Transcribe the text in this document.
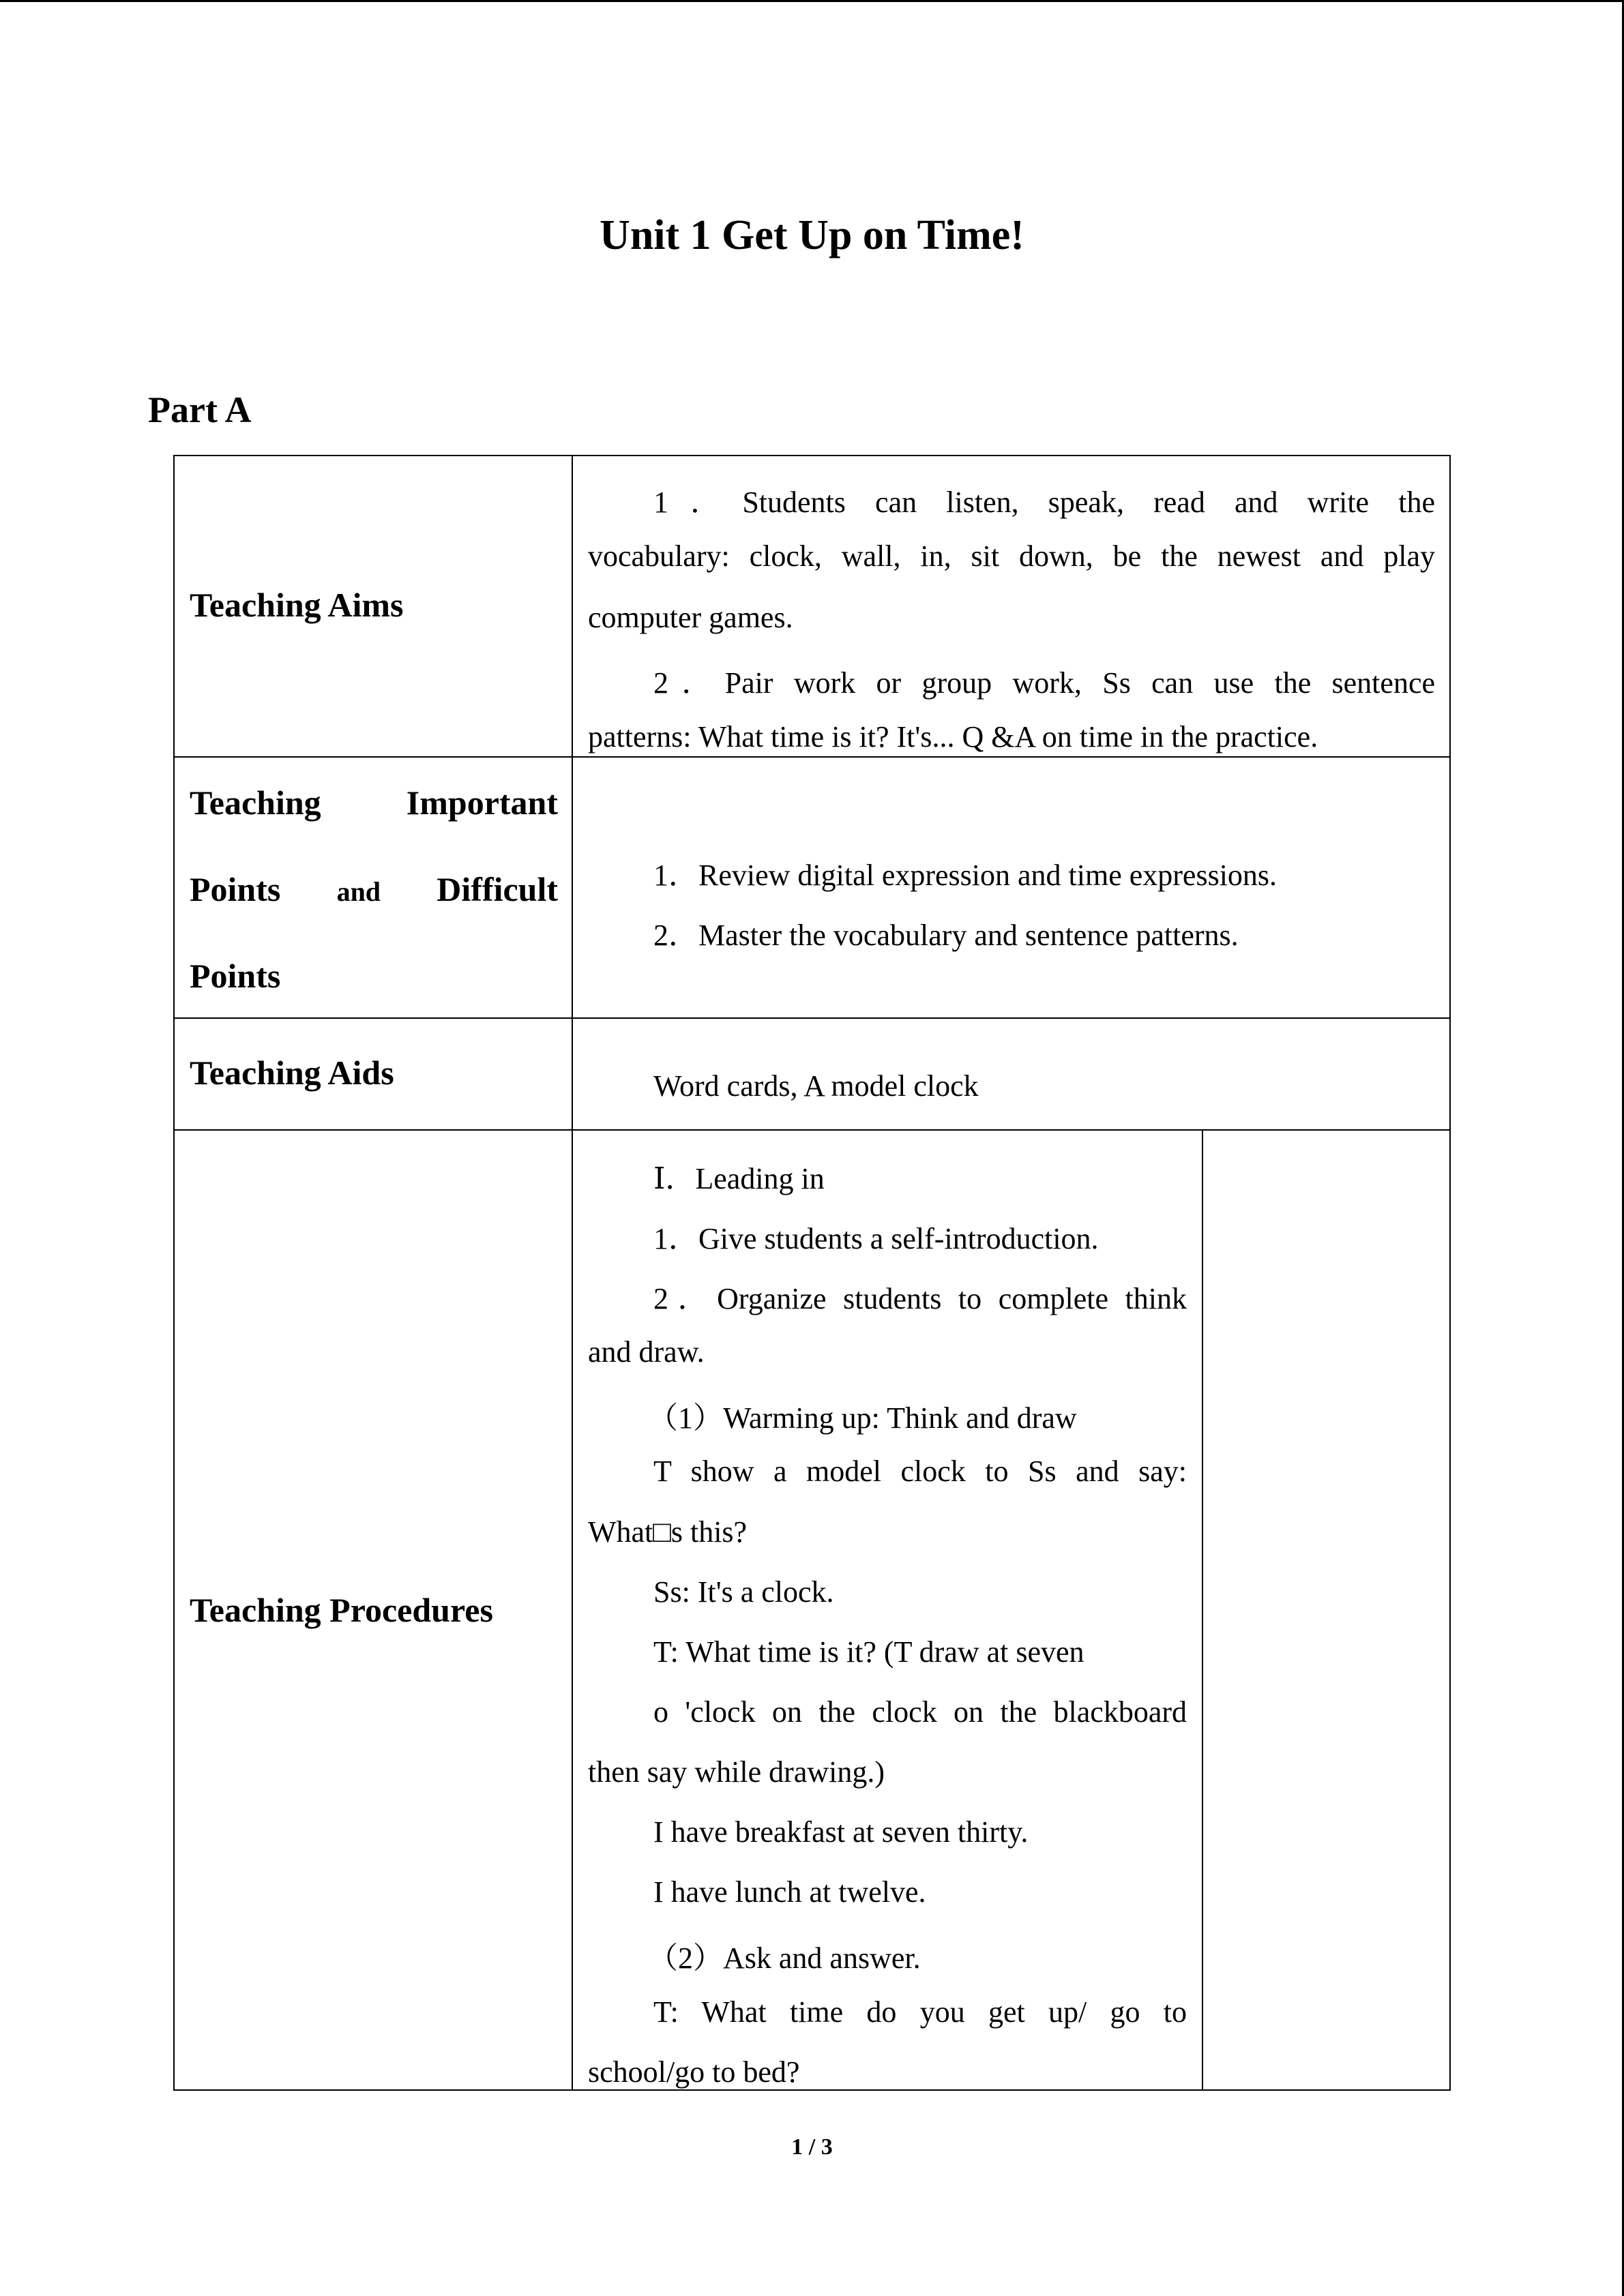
Unit 1 Get Up on Time!
Part A
Teaching Aims
1．Students can listen, speak, read and write the
vocabulary: clock, wall, in, sit down, be the newest and play
computer games.
2．Pair work or group work, Ss can use the sentence
patterns: What time is it? It's... Q &A on time in the practice.
Teaching Important
Points and Difficult
Points
1．Review digital expression and time expressions.
2．Master the vocabulary and sentence patterns.
Teaching Aids	Word cards, A model clock
Teaching Procedures
Ⅰ．Leading in
1．Give students a self-introduction.
2．Organize students to complete think
and draw.
（1）Warming up: Think and draw
T show a model clock to Ss and say:
What□s this?
Ss: It's a clock.
T: What time is it? (T draw at seven
o 'clock on the clock on the blackboard
then say while drawing.)
I have breakfast at seven thirty.
I have lunch at twelve.
（2）Ask and answer.
T: What time do you get up/ go to
school/go to bed?
1 / 3
